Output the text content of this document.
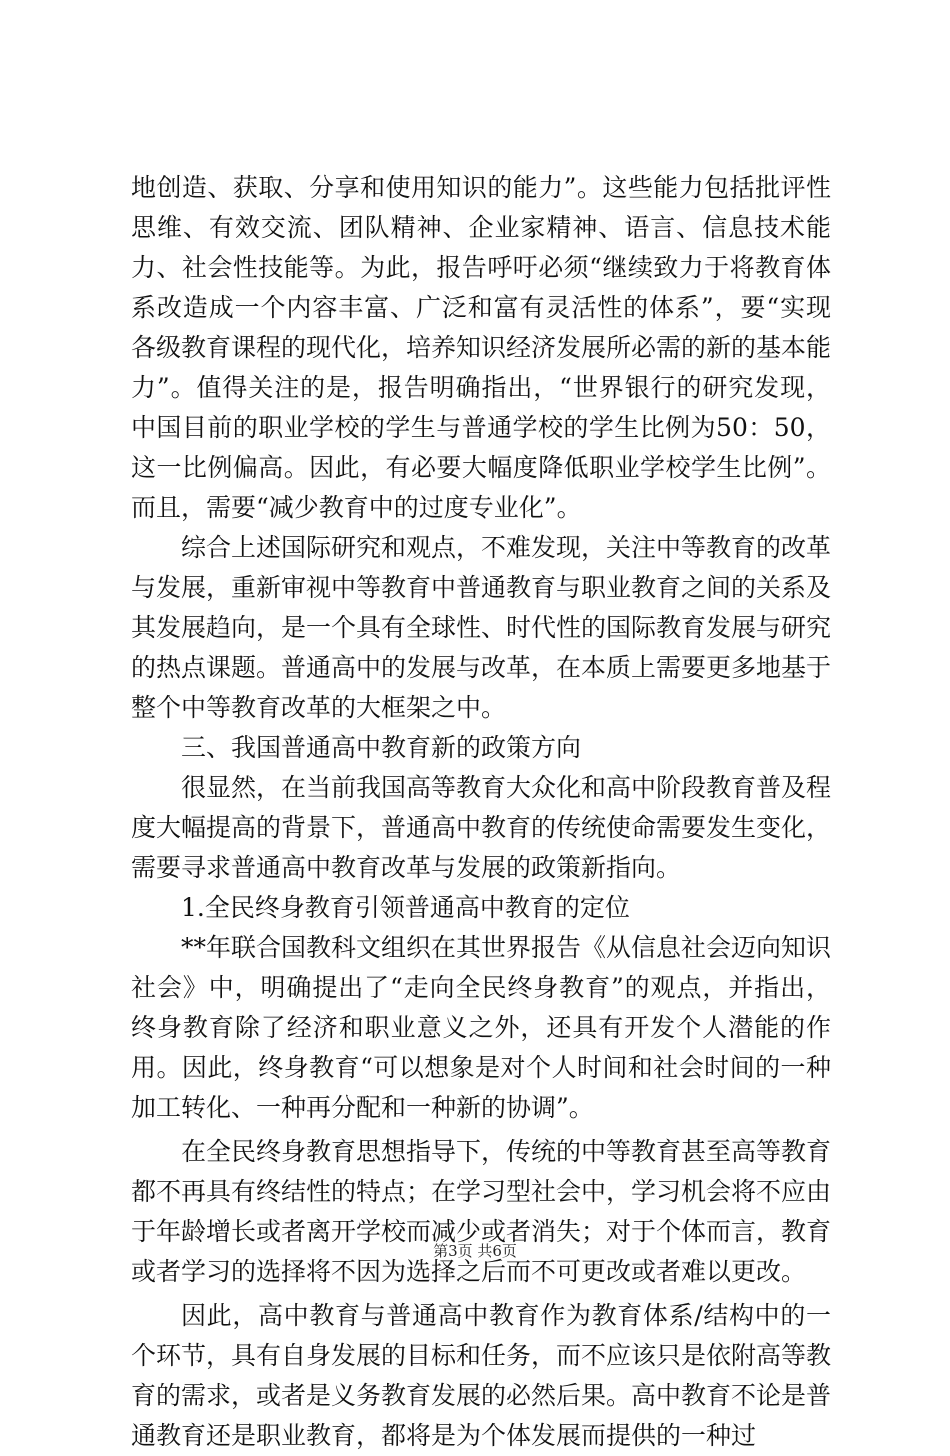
地创造、获取、分享和使用知识的能力”。这些能力包括批评性思维、有效交流、团队精神、企业家精神、语言、信息技术能力、社会性技能等。为此，报告呼吁必须“继续致力于将教育体系改造成一个内容丰富、广泛和富有灵活性的体系”，要“实现各级教育课程的现代化，培养知识经济发展所必需的新的基本能力”。值得关注的是，报告明确指出，“世界银行的研究发现，中国目前的职业学校的学生与普通学校的学生比例为50：50，这一比例偏高。因此，有必要大幅度降低职业学校学生比例”。而且，需要“减少教育中的过度专业化”。

综合上述国际研究和观点，不难发现，关注中等教育的改革与发展，重新审视中等教育中普通教育与职业教育之间的关系及其发展趋向，是一个具有全球性、时代性的国际教育发展与研究的热点课题。普通高中的发展与改革，在本质上需要更多地基于整个中等教育改革的大框架之中。

三、我国普通高中教育新的政策方向

很显然，在当前我国高等教育大众化和高中阶段教育普及程度大幅提高的背景下，普通高中教育的传统使命需要发生变化，需要寻求普通高中教育改革与发展的政策新指向。

1.全民终身教育引领普通高中教育的定位

**年联合国教科文组织在其世界报告《从信息社会迈向知识社会》中，明确提出了“走向全民终身教育”的观点，并指出，终身教育除了经济和职业意义之外，还具有开发个人潜能的作用。因此，终身教育“可以想象是对个人时间和社会时间的一种加工转化、一种再分配和一种新的协调”。

在全民终身教育思想指导下，传统的中等教育甚至高等教育都不再具有终结性的特点；在学习型社会中，学习机会将不应由于年龄增长或者离开学校而减少或者消失；对于个体而言，教育或者学习的选择将不因为选择之后而不可更改或者难以更改。

因此，高中教育与普通高中教育作为教育体系/结构中的一个环节，具有自身发展的目标和任务，而不应该只是依附高等教育的需求，或者是义务教育发展的必然后果。高中教育不论是普通教育还是职业教育，都将是为个体发展而提供的一种过

第3页 共6页
